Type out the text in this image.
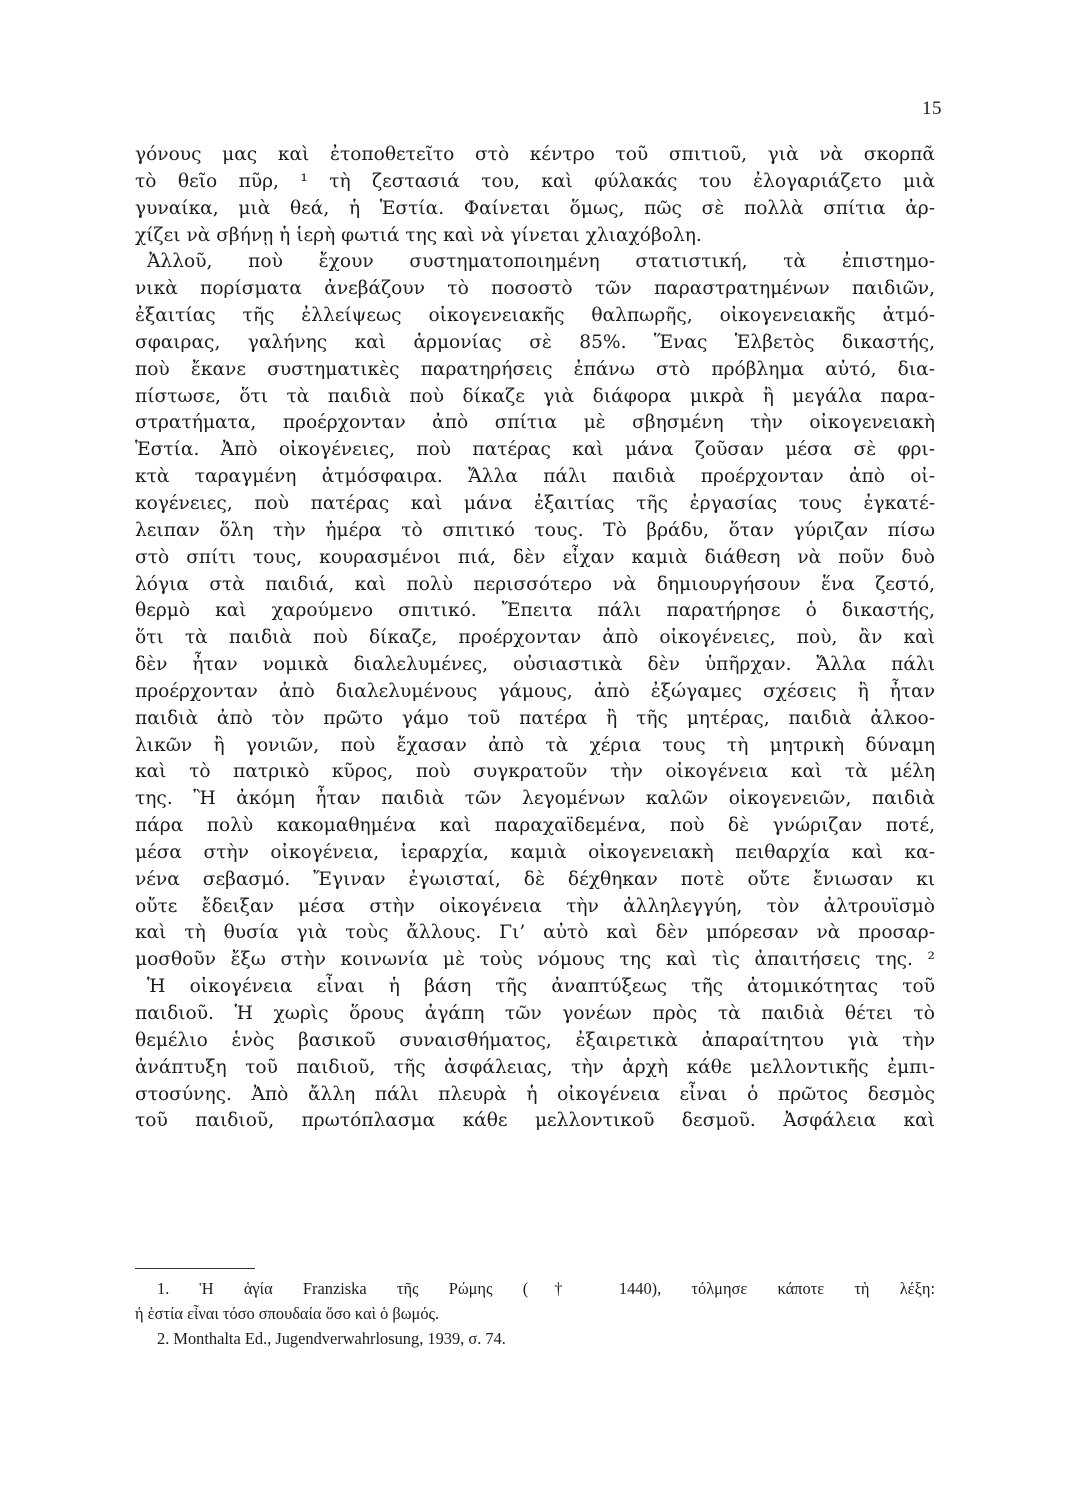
15
γόνους μας καὶ ἐτοποθετεῖτο στὸ κέντρο τοῦ σπιτιοῦ, γιὰ νὰ σκορπᾶ
τὸ θεῖο πῦρ, ¹ τὴ ζεστασιά του, καὶ φύλακάς του ἐλογαριάζετο μιὰ
γυναίκα, μιὰ θεά, ἡ Ἑστία. Φαίνεται ὅμως, πῶς σὲ πολλὰ σπίτια ἀρ-
χίζει νὰ σβήνῃ ἡ ἱερὴ φωτιά της καὶ νὰ γίνεται χλιαχόβολη.
Ἀλλοῦ, ποὺ ἔχουν συστηματοποιημένη στατιστική, τὰ ἐπιστημο-
νικὰ πορίσματα ἀνεβάζουν τὸ ποσοστὸ τῶν παραστρατημένων παιδιῶν,
ἐξαιτίας τῆς ἐλλείψεως οἰκογενειακῆς θαλπωρῆς, οἰκογενειακῆς ἀτμό-
σφαιρας, γαλήνης καὶ ἁρμονίας σὲ 85%. Ἕνας Ἑλβετὸς δικαστής,
ποὺ ἔκανε συστηματικὲς παρατηρήσεις ἐπάνω στὸ πρόβλημα αὐτό, δια-
πίστωσε, ὅτι τὰ παιδιὰ ποὺ δίκαζε γιὰ διάφορα μικρὰ ἢ μεγάλα παρα-
στρατήματα, προέρχονταν ἀπὸ σπίτια μὲ σβησμένη τὴν οἰκογενειακὴ
Ἑστία. Ἀπὸ οἰκογένειες, ποὺ πατέρας καὶ μάνα ζοῦσαν μέσα σὲ φρι-
κτὰ ταραγμένη ἀτμόσφαιρα. Ἄλλα πάλι παιδιὰ προέρχονταν ἀπὸ οἰ-
κογένειες, ποὺ πατέρας καὶ μάνα ἐξαιτίας τῆς ἐργασίας τους ἐγκατέ-
λειπαν ὅλη τὴν ἡμέρα τὸ σπιτικό τους. Τὸ βράδυ, ὅταν γύριζαν πίσω
στὸ σπίτι τους, κουρασμένοι πιά, δὲν εἶχαν καμιὰ διάθεση νὰ ποῦν δυὸ
λόγια στὰ παιδιά, καὶ πολὺ περισσότερο νὰ δημιουργήσουν ἕνα ζεστό,
θερμὸ καὶ χαρούμενο σπιτικό. Ἔπειτα πάλι παρατήρησε ὁ δικαστής,
ὅτι τὰ παιδιὰ ποὺ δίκαζε, προέρχονταν ἀπὸ οἰκογένειες, ποὺ, ἂν καὶ
δὲν ἦταν νομικὰ διαλελυμένες, οὐσιαστικὰ δὲν ὑπῆρχαν. Ἄλλα πάλι
προέρχονταν ἀπὸ διαλελυμένους γάμους, ἀπὸ ἐξώγαμες σχέσεις ἢ ἦταν
παιδιὰ ἀπὸ τὸν πρῶτο γάμο τοῦ πατέρα ἢ τῆς μητέρας, παιδιὰ ἀλκοο-
λικῶν ἢ γονιῶν, ποὺ ἔχασαν ἀπὸ τὰ χέρια τους τὴ μητρικὴ δύναμη
καὶ τὸ πατρικὸ κῦρος, ποὺ συγκρατοῦν τὴν οἰκογένεια καὶ τὰ μέλη
της. Ἢ ἀκόμη ἦταν παιδιὰ τῶν λεγομένων καλῶν οἰκογενειῶν, παιδιὰ
πάρα πολὺ κακομαθημένα καὶ παραχαϊδεμένα, ποὺ δὲ γνώριζαν ποτέ,
μέσα στὴν οἰκογένεια, ἱεραρχία, καμιὰ οἰκογενειακὴ πειθαρχία καὶ κα-
νένα σεβασμό. Ἔγιναν ἐγωισταί, δὲ δέχθηκαν ποτὲ οὔτε ἔνιωσαν κι
οὔτε ἔδειξαν μέσα στὴν οἰκογένεια τὴν ἀλληλεγγύη, τὸν ἀλτρουϊσμὸ
καὶ τὴ θυσία γιὰ τοὺς ἄλλους. Γι’ αὐτὸ καὶ δὲν μπόρεσαν νὰ προσαρ-
μοσθοῦν ἔξω στὴν κοινωνία μὲ τοὺς νόμους της καὶ τὶς ἀπαιτήσεις της. ²
Ἡ οἰκογένεια εἶναι ἡ βάση τῆς ἀναπτύξεως τῆς ἀτομικότητας τοῦ
παιδιοῦ. Ἡ χωρὶς ὅρους ἀγάπη τῶν γονέων πρὸς τὰ παιδιὰ θέτει τὸ
θεμέλιο ἑνὸς βασικοῦ συναισθήματος, ἐξαιρετικὰ ἀπαραίτητου γιὰ τὴν
ἀνάπτυξη τοῦ παιδιοῦ, τῆς ἀσφάλειας, τὴν ἀρχὴ κάθε μελλοντικῆς ἐμπι-
στοσύνης. Ἀπὸ ἄλλη πάλι πλευρὰ ἡ οἰκογένεια εἶναι ὁ πρῶτος δεσμὸς
τοῦ παιδιοῦ, πρωτόπλασμα κάθε μελλοντικοῦ δεσμοῦ. Ἀσφάλεια καὶ
1. Ἡ ἁγία Franziska τῆς Ρώμης († 1440), τόλμησε κάποτε τὴ λέξη:
ἡ ἑστία εἶναι τόσο σπουδαία ὅσο καὶ ὁ βωμός.
2. Monthalta Ed., Jugendverwahrlosung, 1939, σ. 74.
